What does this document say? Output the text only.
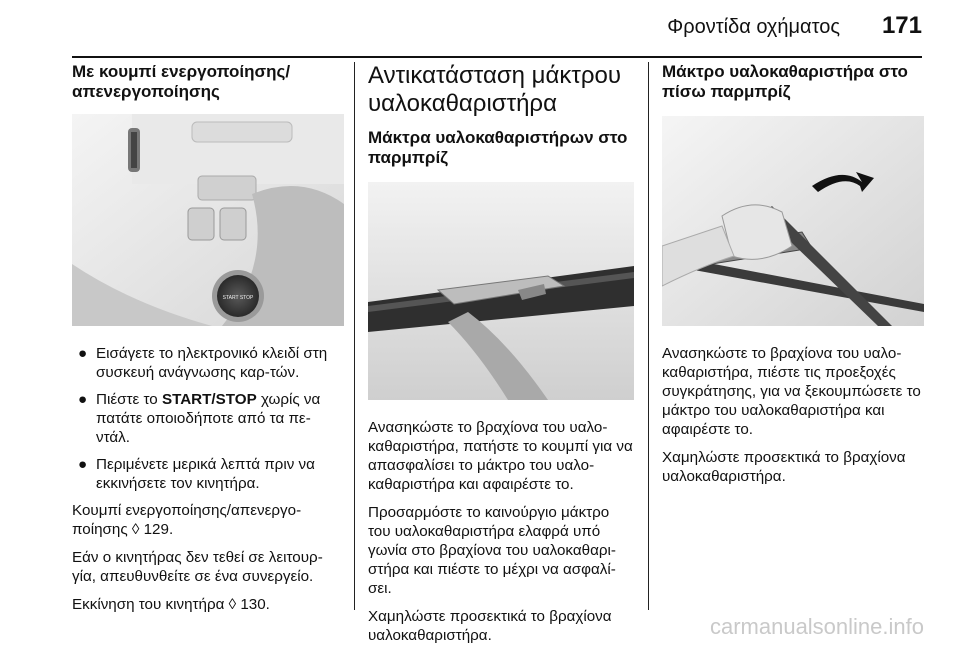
Φροντίδα οχήματος 171
Με κουμπί ενεργοποίησης/απενεργοποίησης
START STOP
● Εισάγετε το ηλεκτρονικό κλειδί στη συσκευή ανάγνωσης καρ-τών.
● Πιέστε το START/STOP χωρίς να πατάτε οποιοδήποτε από τα πε-ντάλ.
● Περιμένετε μερικά λεπτά πριν να εκκινήσετε τον κινητήρα.

Κουμπί ενεργοποίησης/απενεργο-ποίησης ◊ 129.

Εάν ο κινητήρας δεν τεθεί σε λειτουρ-γία, απευθυνθείτε σε ένα συνεργείο.

Εκκίνηση του κινητήρα ◊ 130.

Αντικατάσταση μάκτρου υαλοκαθαριστήρα
Μάκτρα υαλοκαθαριστήρων στο παρμπρίζ

Ανασηκώστε το βραχίονα του υαλο-καθαριστήρα, πατήστε το κουμπί για να απασφαλίσει το μάκτρο του υαλο-καθαριστήρα και αφαιρέστε το.

Προσαρμόστε το καινούργιο μάκτρο του υαλοκαθαριστήρα ελαφρά υπό γωνία στο βραχίονα του υαλοκαθαρι-στήρα και πιέστε το μέχρι να ασφαλί-σει.

Χαμηλώστε προσεκτικά το βραχίονα υαλοκαθαριστήρα.

Μάκτρο υαλοκαθαριστήρα στο πίσω παρμπρίζ

Ανασηκώστε το βραχίονα του υαλο-καθαριστήρα, πιέστε τις προεξοχές συγκράτησης, για να ξεκουμπώσετε το μάκτρο του υαλοκαθαριστήρα και αφαιρέστε το.

Χαμηλώστε προσεκτικά το βραχίονα υαλοκαθαριστήρα.

carmanualsonline.info
